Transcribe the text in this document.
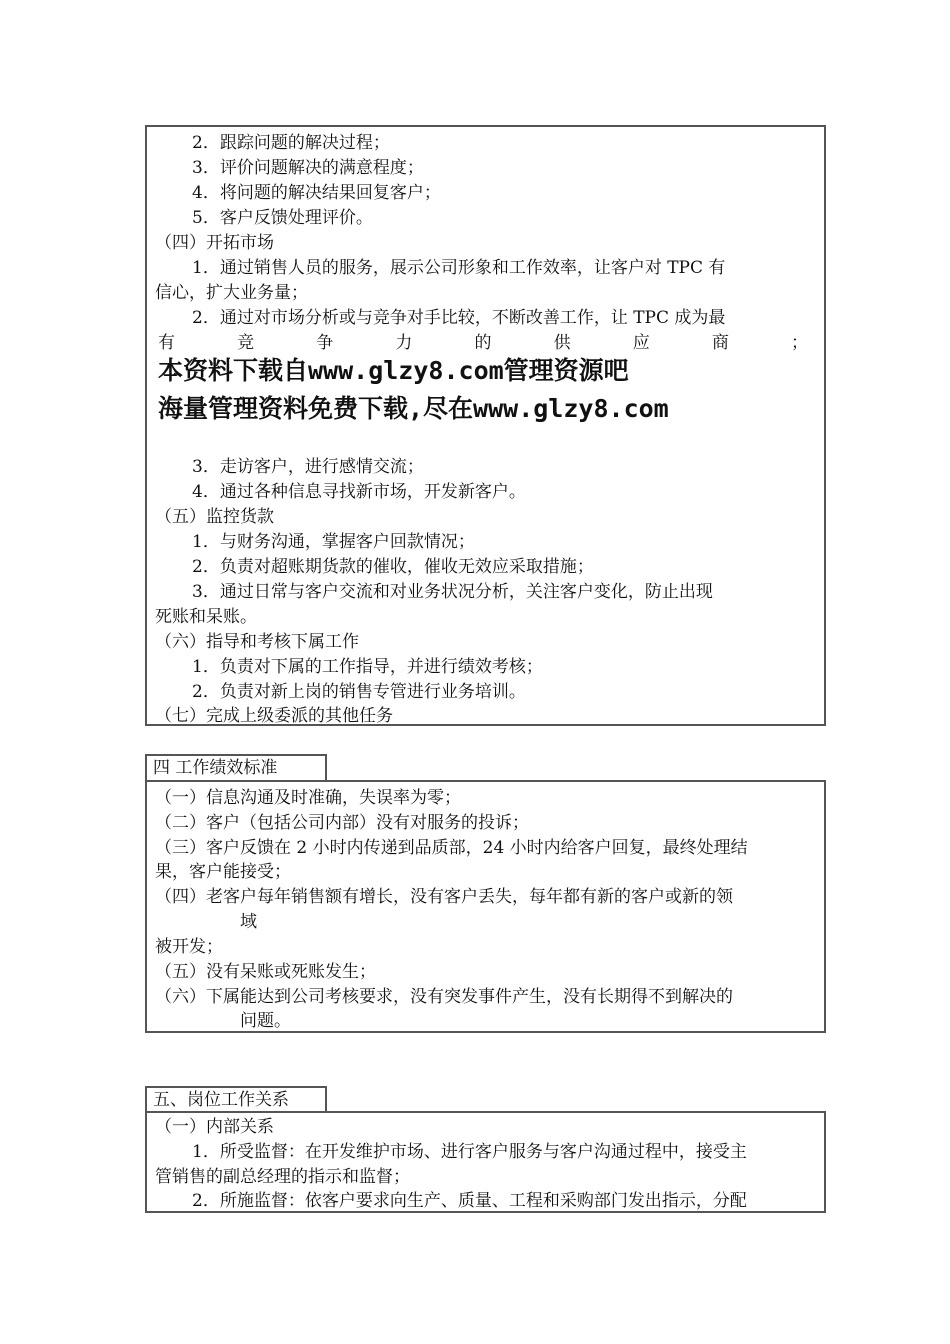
2．跟踪问题的解决过程；
3．评价问题解决的满意程度；
4．将问题的解决结果回复客户；
5．客户反馈处理评价。
（四）开拓市场
1．通过销售人员的服务，展示公司形象和工作效率，让客户对 TPC 有
信心，扩大业务量；
2．通过对市场分析或与竞争对手比较，不断改善工作，让 TPC 成为最
有 竞 争 力 的 供 应 商 ；
本资料下载自www.glzy8.com管理资源吧
海量管理资料免费下载,尽在www.glzy8.com
3．走访客户，进行感情交流；
4．通过各种信息寻找新市场，开发新客户。
（五）监控货款
1．与财务沟通，掌握客户回款情况；
2．负责对超账期货款的催收，催收无效应采取措施；
3．通过日常与客户交流和对业务状况分析，关注客户变化，防止出现
死账和呆账。
（六）指导和考核下属工作
1．负责对下属的工作指导，并进行绩效考核；
2．负责对新上岗的销售专管进行业务培训。
（七）完成上级委派的其他任务
四 工作绩效标准
（一）信息沟通及时准确，失误率为零；
（二）客户（包括公司内部）没有对服务的投诉；
（三）客户反馈在 2 小时内传递到品质部，24 小时内给客户回复，最终处理结
果，客户能接受；
（四）老客户每年销售额有增长，没有客户丢失，每年都有新的客户或新的领
域
被开发；
（五）没有呆账或死账发生；
（六）下属能达到公司考核要求，没有突发事件产生，没有长期得不到解决的
问题。
五、岗位工作关系
（一）内部关系
1．所受监督：在开发维护市场、进行客户服务与客户沟通过程中，接受主
管销售的副总经理的指示和监督；
2．所施监督：依客户要求向生产、质量、工程和采购部门发出指示，分配
